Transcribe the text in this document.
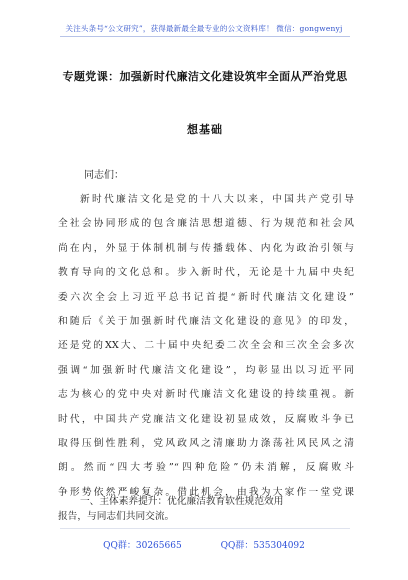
关注头条号“公文研究”，获得最新最全最专业的公文资料库！ 微信：gongwenyj
专题党课：加强新时代廉洁文化建设筑牢全面从严治党思
想基础
同志们：
新时代廉洁文化是党的十八大以来，中国共产党引导
全社会协同形成的包含廉洁思想道德、行为规范和社会风
尚在内，外显于体制机制与传播载体、内化为政治引领与
教育导向的文化总和。步入新时代，无论是十九届中央纪
委六次全会上习近平总书记首提“新时代廉洁文化建设”
和随后《关于加强新时代廉洁文化建设的意见》的印发，
还是党的XX大、二十届中央纪委二次全会和三次全会多次
强调“加强新时代廉洁文化建设”，均彰显出以习近平同
志为核心的党中央对新时代廉洁文化建设的持续重视。新
时代，中国共产党廉洁文化建设初显成效，反腐败斗争已
取得压倒性胜利，党风政风之清廉助力涤荡社风民风之清
朗。然而“四大考验”“四种危险”仍未消解，反腐败斗
争形势依然严峻复杂。借此机会，由我为大家作一堂党课
报告，与同志们共同交流。
一、主体素养提升：优化廉洁教育软性规范效用
QQ群：30265665	QQ群：535304092
